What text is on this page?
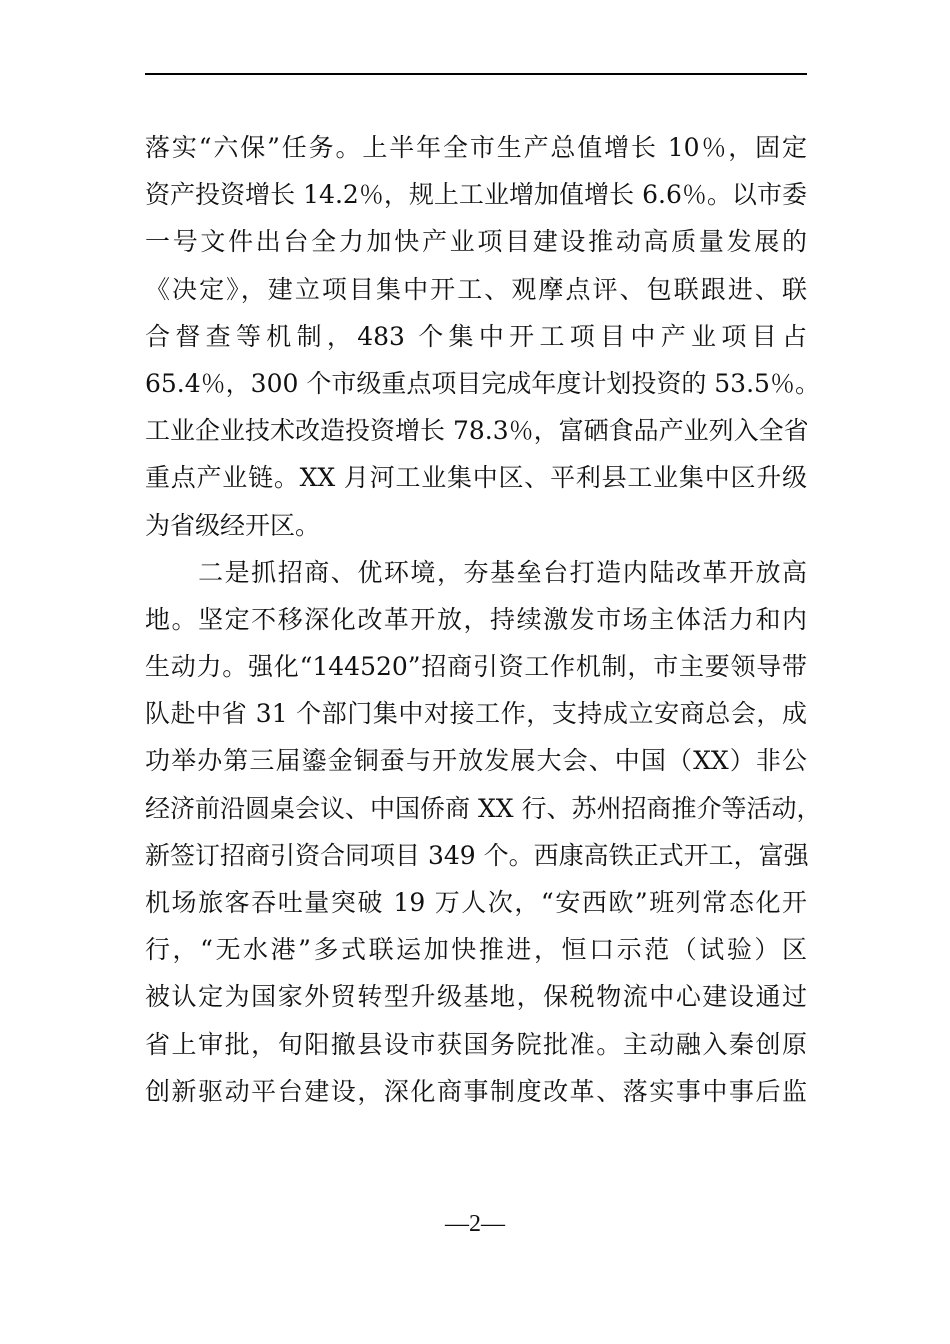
落实“六保”任务。上半年全市生产总值增长 10％，固定
资产投资增长 14.2％，规上工业增加值增长 6.6％。以市委
一号文件出台全力加快产业项目建设推动高质量发展的
《决定》，建立项目集中开工、观摩点评、包联跟进、联
合督查等机制，483 个集中开工项目中产业项目占
65.4％，300 个市级重点项目完成年度计划投资的 53.5％。
工业企业技术改造投资增长 78.3％，富硒食品产业列入全省
重点产业链。XX 月河工业集中区、平利县工业集中区升级
为省级经开区。
　　二是抓招商、优环境，夯基垒台打造内陆改革开放高
地。坚定不移深化改革开放，持续激发市场主体活力和内
生动力。强化“144520”招商引资工作机制，市主要领导带
队赴中省 31 个部门集中对接工作，支持成立安商总会，成
功举办第三届鎏金铜蚕与开放发展大会、中国（XX）非公
经济前沿圆桌会议、中国侨商 XX 行、苏州招商推介等活动，
新签订招商引资合同项目 349 个。西康高铁正式开工，富强
机场旅客吞吐量突破 19 万人次，“安西欧”班列常态化开
行，“无水港”多式联运加快推进，恒口示范（试验）区
被认定为国家外贸转型升级基地，保税物流中心建设通过
省上审批，旬阳撤县设市获国务院批准。主动融入秦创原
创新驱动平台建设，深化商事制度改革、落实事中事后监
—2—
